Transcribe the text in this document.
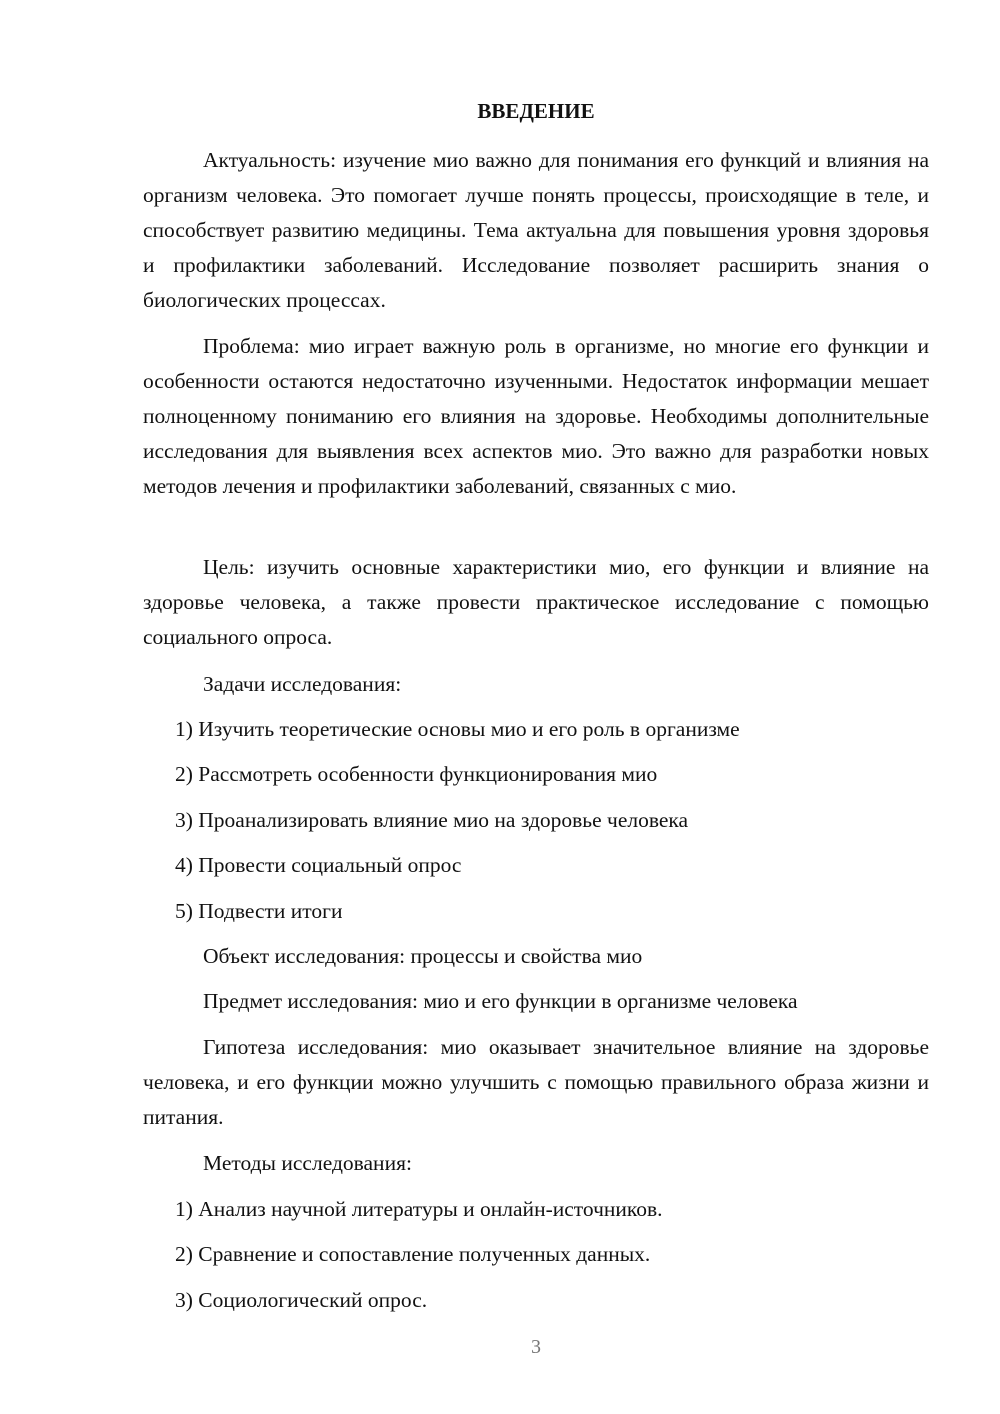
ВВЕДЕНИЕ

Актуальность: изучение мио важно для понимания его функций и влияния на организм человека. Это помогает лучше понять процессы, происходящие в теле, и способствует развитию медицины. Тема актуальна для повышения уровня здоровья и профилактики заболеваний. Исследование позволяет расширить знания о биологических процессах.

Проблема: мио играет важную роль в организме, но многие его функции и особенности остаются недостаточно изученными. Недостаток информации мешает полноценному пониманию его влияния на здоровье. Необходимы дополнительные исследования для выявления всех аспектов мио. Это важно для разработки новых методов лечения и профилактики заболеваний, связанных с мио.

Цель: изучить основные характеристики мио, его функции и влияние на здоровье человека, а также провести практическое исследование с помощью социального опроса.

Задачи исследования:

1) Изучить теоретические основы мио и его роль в организме

2) Рассмотреть особенности функционирования мио

3) Проанализировать влияние мио на здоровье человека

4) Провести социальный опрос

5) Подвести итоги

Объект исследования: процессы и свойства мио

Предмет исследования: мио и его функции в организме человека

Гипотеза исследования: мио оказывает значительное влияние на здоровье человека, и его функции можно улучшить с помощью правильного образа жизни и питания.

Методы исследования:

1) Анализ научной литературы и онлайн-источников.

2) Сравнение и сопоставление полученных данных.

3) Социологический опрос.

3
